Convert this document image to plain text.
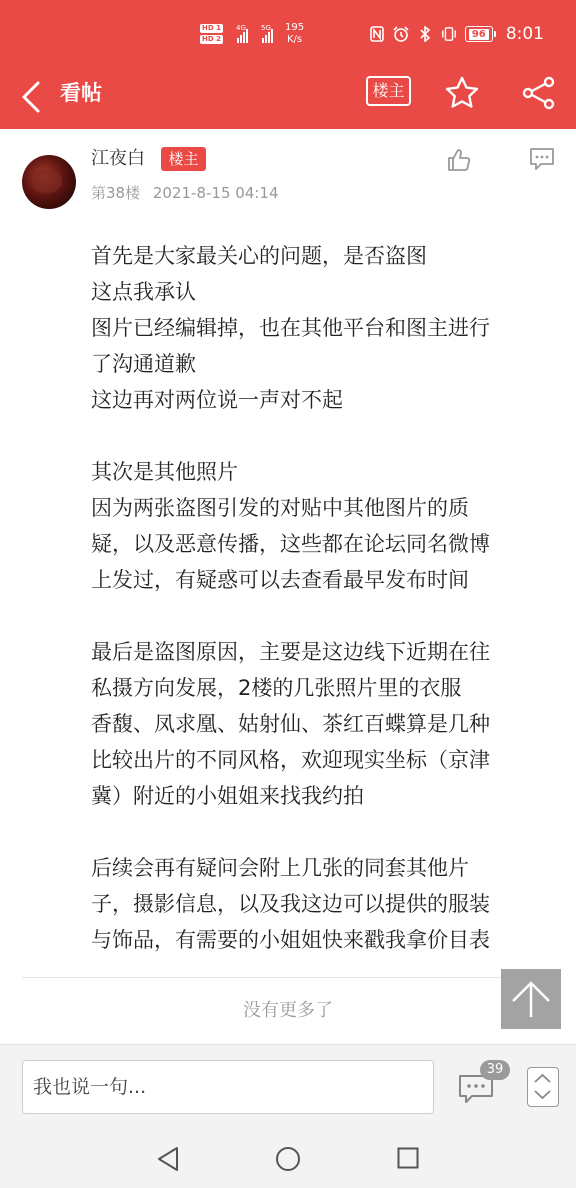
HD 1
HD 2
4G 5G 195
K/s	96 8:01
看帖	楼主
江夜白	楼主
第38楼 2021-8-15 04:14

首先是大家最关心的问题，是否盗图

这点我承认

图片已经编辑掉，也在其他平台和图主进行

了沟通道歉

这边再对两位说一声对不起

其次是其他照片

因为两张盗图引发的对贴中其他图片的质

疑，以及恶意传播，这些都在论坛同名微博

上发过，有疑惑可以去查看最早发布时间

最后是盗图原因，主要是这边线下近期在往

私摄方向发展，2楼的几张照片里的衣服

香馥、凤求凰、姑射仙、茶红百蝶算是几种

比较出片的不同风格，欢迎现实坐标（京津

冀）附近的小姐姐来找我约拍

后续会再有疑问会附上几张的同套其他片

子，摄影信息，以及我这边可以提供的服装

与饰品，有需要的小姐姐快来戳我拿价目表

没有更多了
我也说一句...
39
